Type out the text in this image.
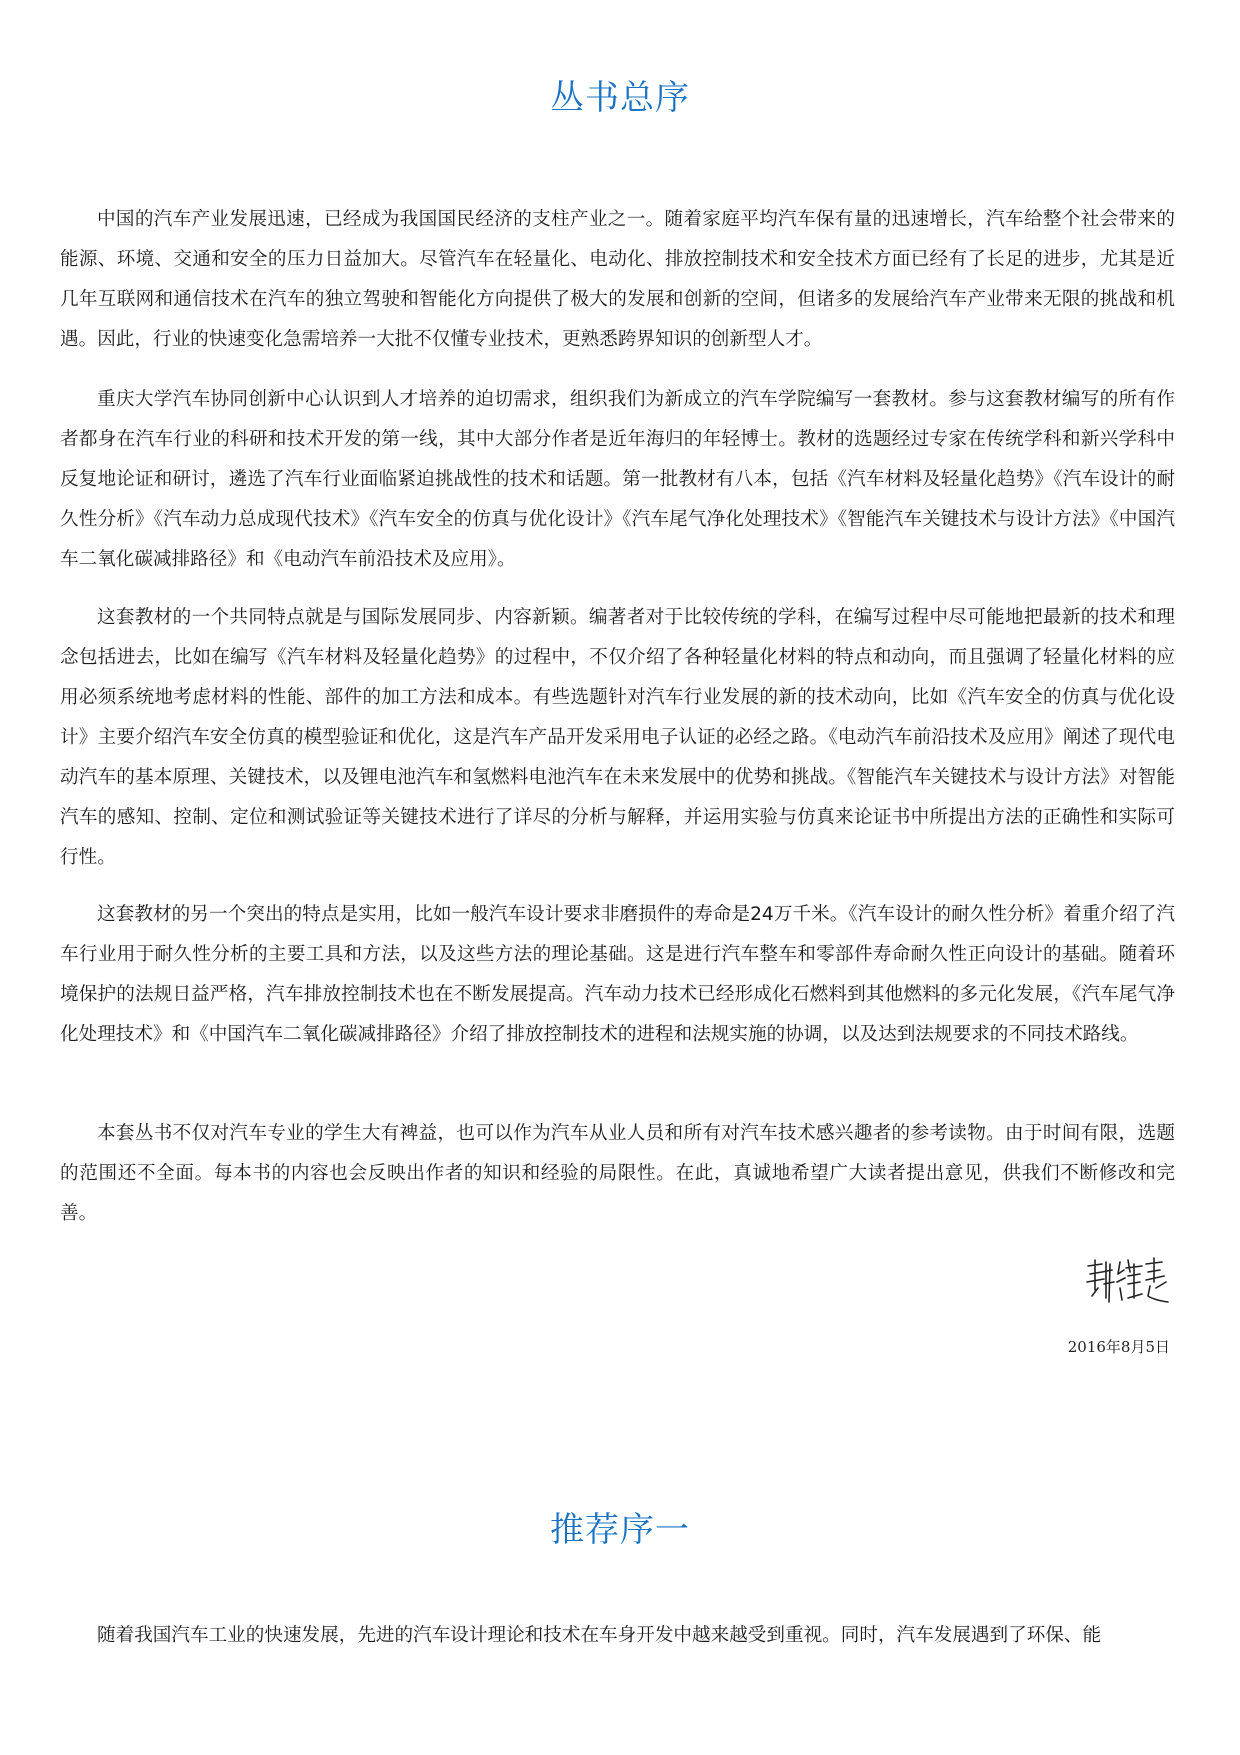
丛书总序

中国的汽车产业发展迅速，已经成为我国国民经济的支柱产业之一。随着家庭平均汽车保有量的迅速增长，汽车给整个社会带来的能源、环境、交通和安全的压力日益加大。尽管汽车在轻量化、电动化、排放控制技术和安全技术方面已经有了长足的进步，尤其是近几年互联网和通信技术在汽车的独立驾驶和智能化方向提供了极大的发展和创新的空间，但诸多的发展给汽车产业带来无限的挑战和机遇。因此，行业的快速变化急需培养一大批不仅懂专业技术，更熟悉跨界知识的创新型人才。

重庆大学汽车协同创新中心认识到人才培养的迫切需求，组织我们为新成立的汽车学院编写一套教材。参与这套教材编写的所有作者都身在汽车行业的科研和技术开发的第一线，其中大部分作者是近年海归的年轻博士。教材的选题经过专家在传统学科和新兴学科中反复地论证和研讨，遴选了汽车行业面临紧迫挑战性的技术和话题。第一批教材有八本，包括《汽车材料及轻量化趋势》《汽车设计的耐久性分析》《汽车动力总成现代技术》《汽车安全的仿真与优化设计》《汽车尾气净化处理技术》《智能汽车关键技术与设计方法》《中国汽车二氧化碳减排路径》和《电动汽车前沿技术及应用》。

这套教材的一个共同特点就是与国际发展同步、内容新颖。编著者对于比较传统的学科，在编写过程中尽可能地把最新的技术和理念包括进去，比如在编写《汽车材料及轻量化趋势》的过程中，不仅介绍了各种轻量化材料的特点和动向，而且强调了轻量化材料的应用必须系统地考虑材料的性能、部件的加工方法和成本。有些选题针对汽车行业发展的新的技术动向，比如《汽车安全的仿真与优化设计》主要介绍汽车安全仿真的模型验证和优化，这是汽车产品开发采用电子认证的必经之路。《电动汽车前沿技术及应用》阐述了现代电动汽车的基本原理、关键技术，以及锂电池汽车和氢燃料电池汽车在未来发展中的优势和挑战。《智能汽车关键技术与设计方法》对智能汽车的感知、控制、定位和测试验证等关键技术进行了详尽的分析与解释，并运用实验与仿真来论证书中所提出方法的正确性和实际可行性。

这套教材的另一个突出的特点是实用，比如一般汽车设计要求非磨损件的寿命是24万千米。《汽车设计的耐久性分析》着重介绍了汽车行业用于耐久性分析的主要工具和方法，以及这些方法的理论基础。这是进行汽车整车和零部件寿命耐久性正向设计的基础。随着环境保护的法规日益严格，汽车排放控制技术也在不断发展提高。汽车动力技术已经形成化石燃料到其他燃料的多元化发展，《汽车尾气净化处理技术》和《中国汽车二氧化碳减排路径》介绍了排放控制技术的进程和法规实施的协调，以及达到法规要求的不同技术路线。

本套丛书不仅对汽车专业的学生大有裨益，也可以作为汽车从业人员和所有对汽车技术感兴趣者的参考读物。由于时间有限，选题的范围还不全面。每本书的内容也会反映出作者的知识和经验的局限性。在此，真诚地希望广大读者提出意见，供我们不断修改和完善。

2016年8月5日
推荐序一

随着我国汽车工业的快速发展，先进的汽车设计理论和技术在车身开发中越来越受到重视。同时，汽车发展遇到了环保、能
